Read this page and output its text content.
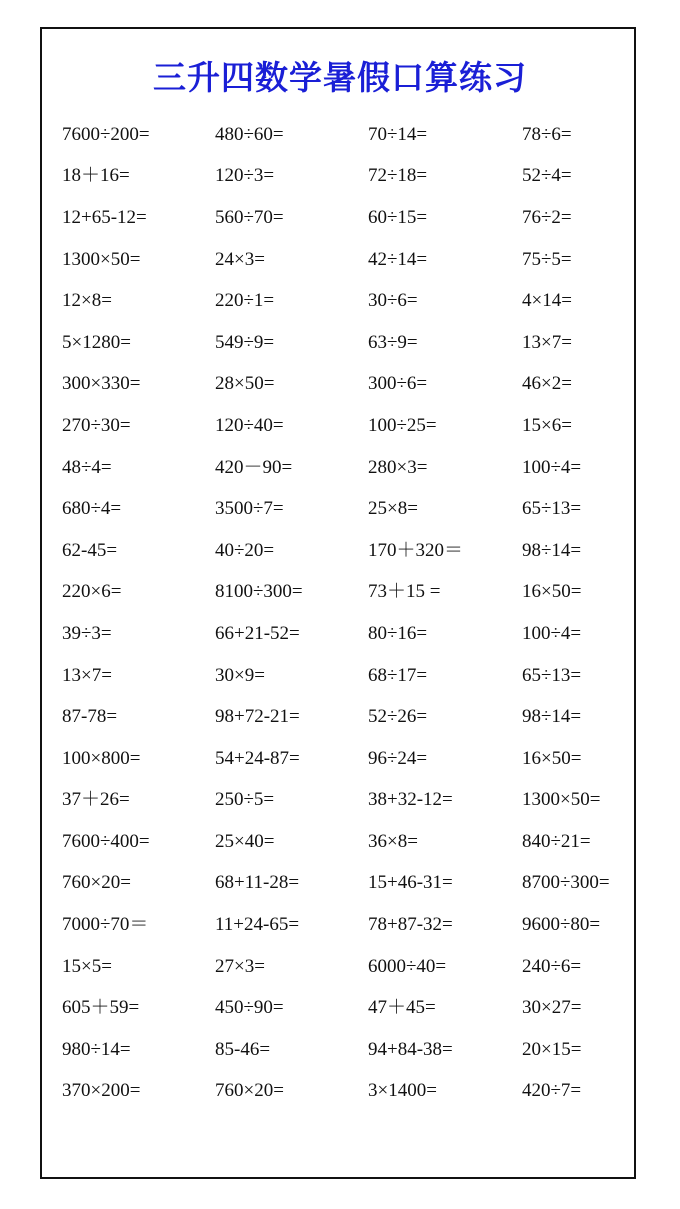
三升四数学暑假口算练习
7600÷200=	480÷60=	70÷14=	78÷6=
18＋16=	120÷3=	72÷18=	52÷4=
12+65-12=	560÷70=	60÷15=	76÷2=
1300×50=	24×3=	42÷14=	75÷5=
12×8=	220÷1=	30÷6=	4×14=
5×1280=	549÷9=	63÷9=	13×7=
300×330=	28×50=	300÷6=	46×2=
270÷30=	120÷40=	100÷25=	15×6=
48÷4=	420－90=	280×3=	100÷4=
680÷4=	3500÷7=	25×8=	65÷13=
62-45=	40÷20=	170＋320＝	98÷14=
220×6=	8100÷300=	73＋15 =	16×50=
39÷3=	66+21-52=	80÷16=	100÷4=
13×7=	30×9=	68÷17=	65÷13=
87-78=	98+72-21=	52÷26=	98÷14=
100×800=	54+24-87=	96÷24=	16×50=
37＋26=	250÷5=	38+32-12=	1300×50=
7600÷400=	25×40=	36×8=	840÷21=
760×20=	68+11-28=	15+46-31=	8700÷300=
7000÷70＝	11+24-65=	78+87-32=	9600÷80=
15×5=	27×3=	6000÷40=	240÷6=
605＋59=	450÷90=	47＋45=	30×27=
980÷14=	85-46=	94+84-38=	20×15=
370×200=	760×20=	3×1400=	420÷7=
